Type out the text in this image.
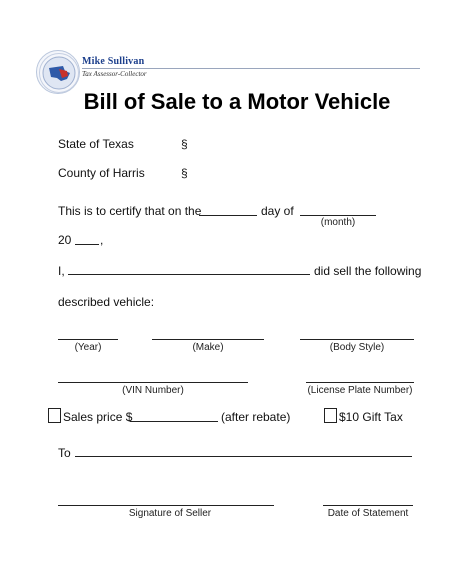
Mike Sullivan
Tax Assessor-Collector
Bill of Sale to a Motor Vehicle
State of Texas	§
County of Harris	§
This is to certify that on the	day of
(month)
20 ,
I,	did sell the following
described vehicle:
(Year)	(Make)	(Body Style)
(VIN Number)	(License Plate Number)
Sales price $	(after rebate)	$10 Gift Tax
To
Signature of Seller	Date of Statement
